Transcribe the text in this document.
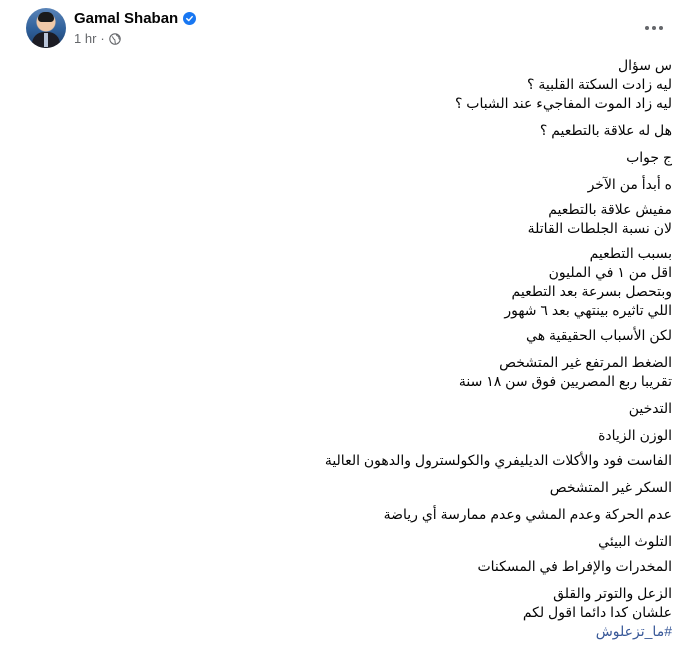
Gamal Shaban
1 hr ·

س سؤال

ليه زادت السكتة القلبية ؟

ليه زاد الموت المفاجيء عند الشباب ؟

هل له علاقة بالتطعيم ؟

ج جواب

ه أبدأ من الآخر

مفيش علاقة بالتطعيم

لان نسبة الجلطات القاتلة

بسبب التطعيم

اقل من ١ في المليون

وبتحصل بسرعة بعد التطعيم

اللي تاثيره بينتهي بعد ٦ شهور

لكن الأسباب الحقيقية هي

الضغط المرتفع غير المتشخص

تقريبا ربع المصريين فوق سن ١٨ سنة

التدخين

الوزن الزيادة

الفاست فود والأكلات الديليفري والكولسترول والدهون العالية

السكر غير المتشخص

عدم الحركة وعدم المشي وعدم ممارسة أي رياضة

التلوث البيئي

المخدرات والإفراط في المسكنات

الزعل والتوتر والقلق

علشان كدا دائما اقول لكم

#ما_تزعلوش
